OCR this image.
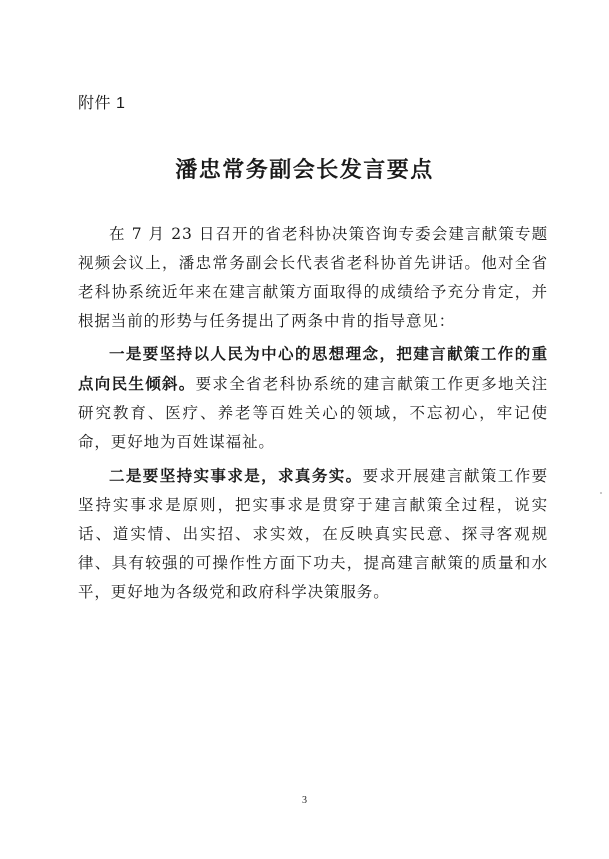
附件 1
潘忠常务副会长发言要点

在 7 月 23 日召开的省老科协决策咨询专委会建言献策专题视频会议上，潘忠常务副会长代表省老科协首先讲话。他对全省老科协系统近年来在建言献策方面取得的成绩给予充分肯定，并根据当前的形势与任务提出了两条中肯的指导意见：

一是要坚持以人民为中心的思想理念，把建言献策工作的重点向民生倾斜。要求全省老科协系统的建言献策工作更多地关注研究教育、医疗、养老等百姓关心的领域，不忘初心，牢记使命，更好地为百姓谋福祉。

二是要坚持实事求是，求真务实。要求开展建言献策工作要坚持实事求是原则，把实事求是贯穿于建言献策全过程，说实话、道实情、出实招、求实效，在反映真实民意、探寻客观规律、具有较强的可操作性方面下功夫，提高建言献策的质量和水平，更好地为各级党和政府科学决策服务。

3
